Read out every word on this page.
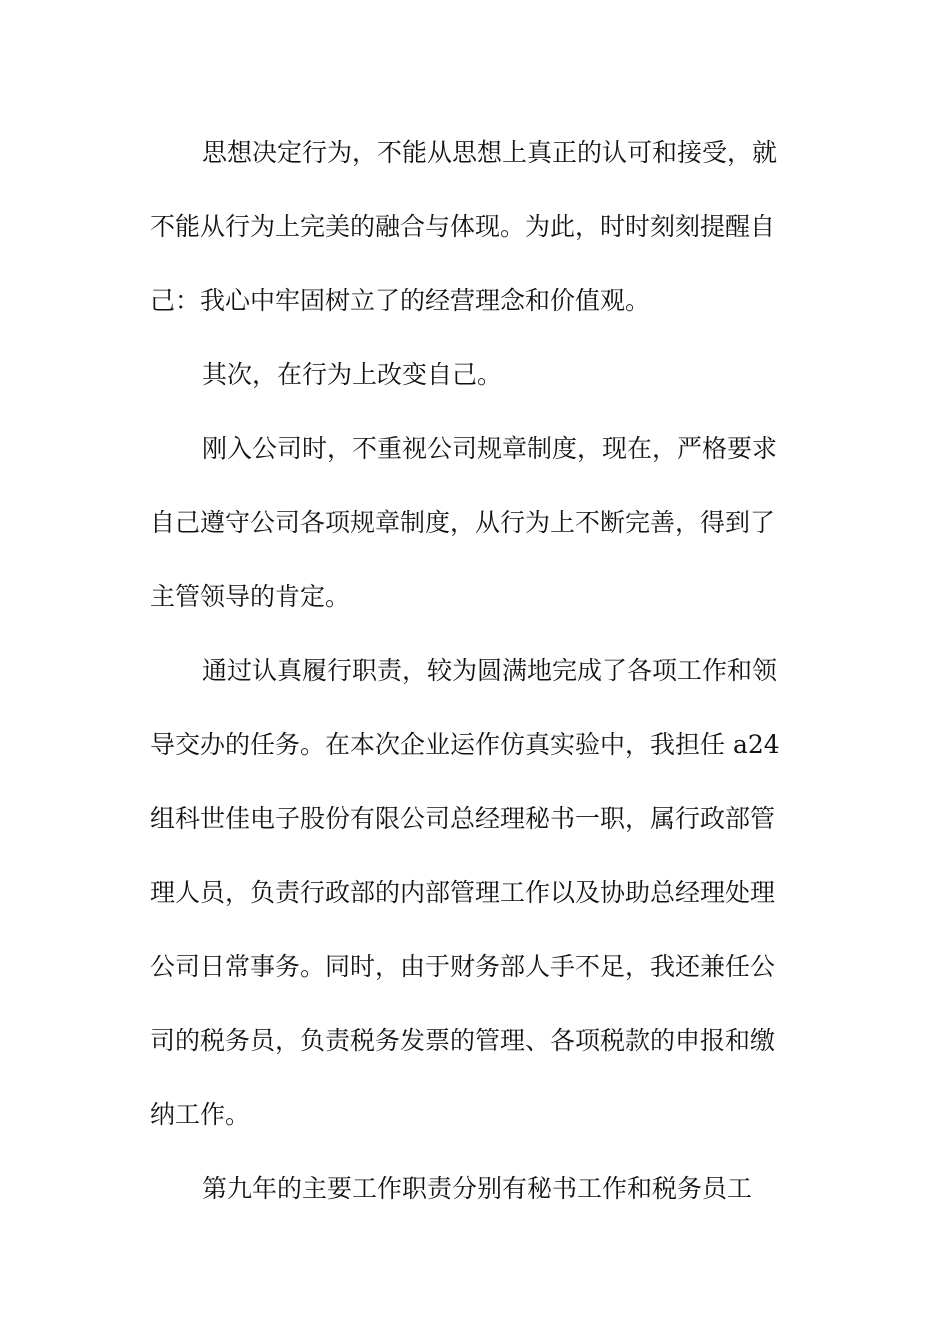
思想决定行为，不能从思想上真正的认可和接受，就
不能从行为上完美的融合与体现。为此，时时刻刻提醒自
己：我心中牢固树立了的经营理念和价值观。
其次，在行为上改变自己。
刚入公司时，不重视公司规章制度，现在，严格要求
自己遵守公司各项规章制度，从行为上不断完善，得到了
主管领导的肯定。
通过认真履行职责，较为圆满地完成了各项工作和领
导交办的任务。在本次企业运作仿真实验中，我担任 a24
组科世佳电子股份有限公司总经理秘书一职，属行政部管
理人员，负责行政部的内部管理工作以及协助总经理处理
公司日常事务。同时，由于财务部人手不足，我还兼任公
司的税务员，负责税务发票的管理、各项税款的申报和缴
纳工作。
第九年的主要工作职责分别有秘书工作和税务员工
